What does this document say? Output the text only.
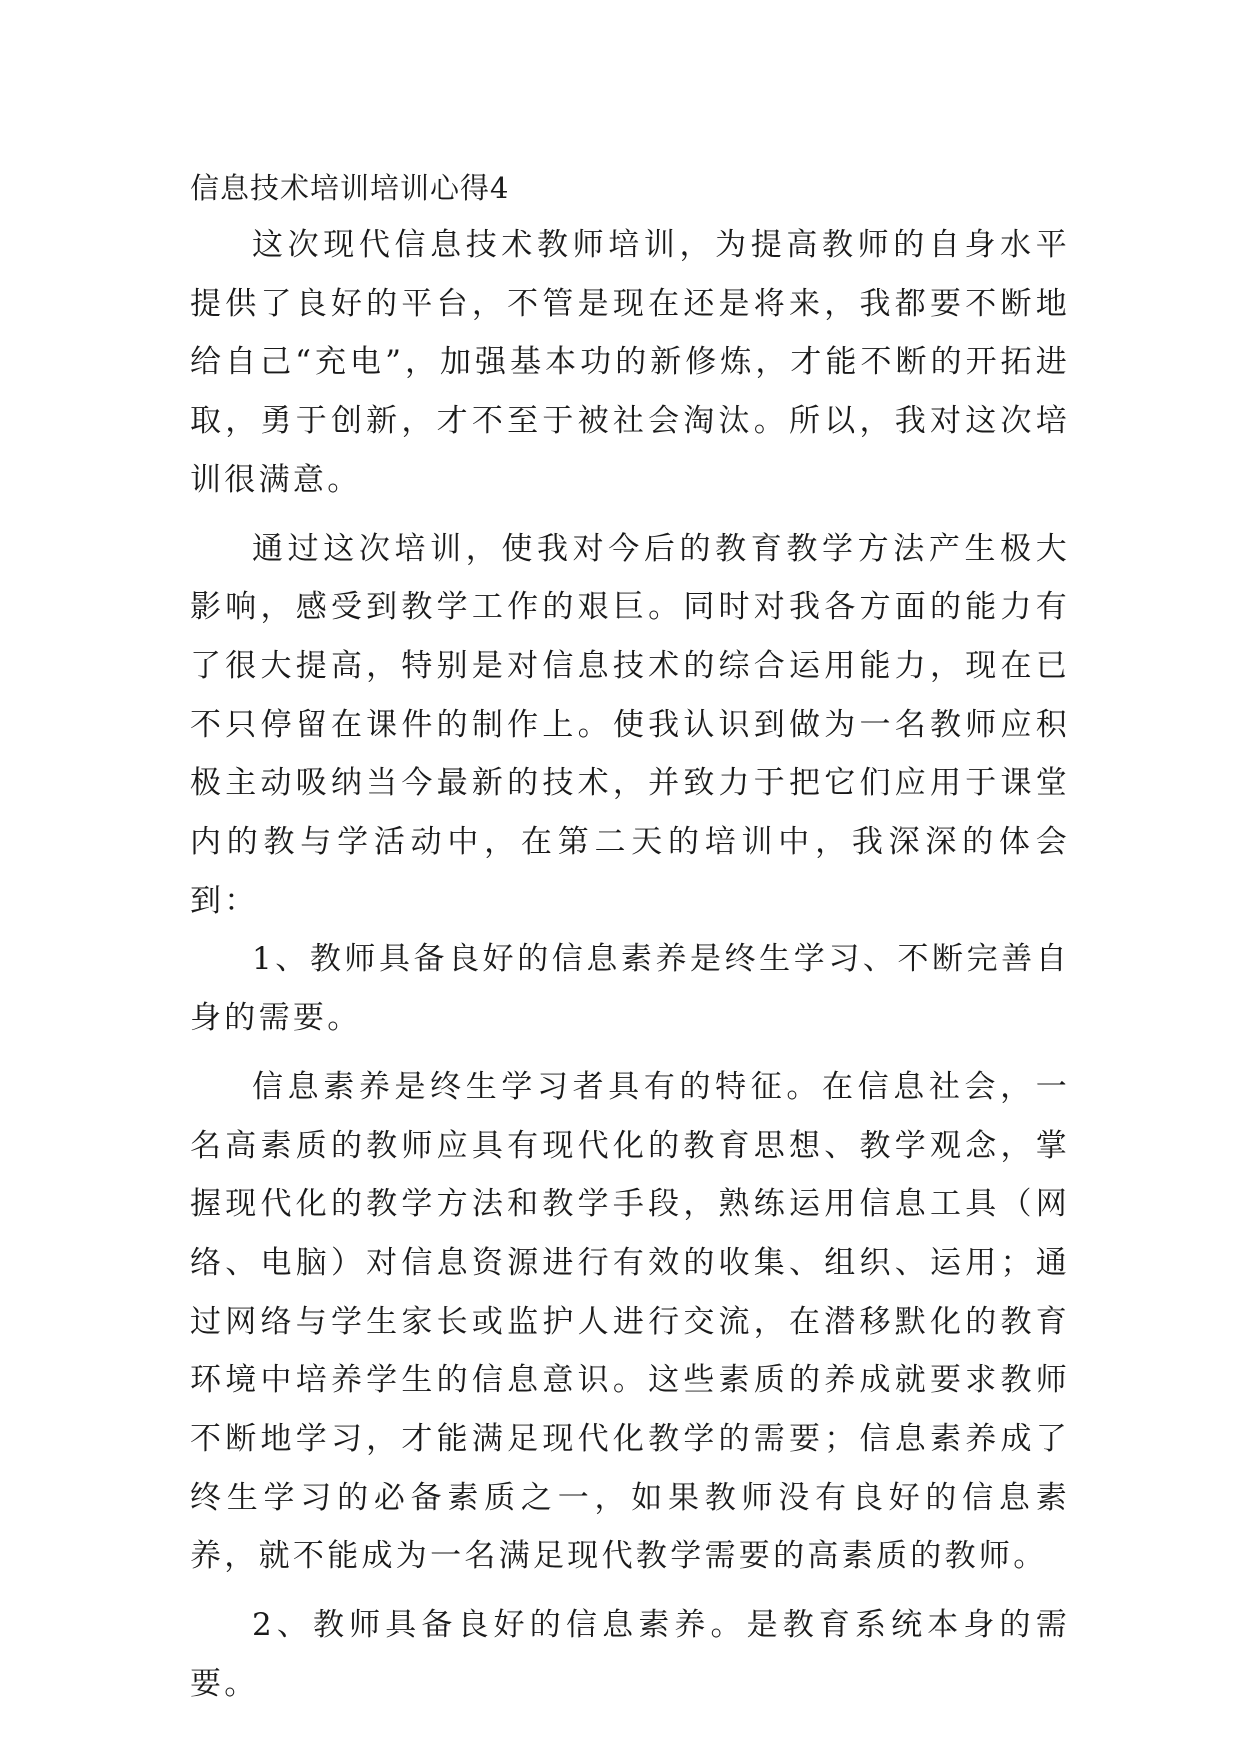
信息技术培训培训心得4

这次现代信息技术教师培训，为提高教师的自身水平提供了良好的平台，不管是现在还是将来，我都要不断地给自己“充电”，加强基本功的新修炼，才能不断的开拓进取，勇于创新，才不至于被社会淘汰。所以，我对这次培训很满意。

通过这次培训，使我对今后的教育教学方法产生极大影响，感受到教学工作的艰巨。同时对我各方面的能力有了很大提高，特别是对信息技术的综合运用能力，现在已不只停留在课件的制作上。使我认识到做为一名教师应积极主动吸纳当今最新的技术，并致力于把它们应用于课堂内的教与学活动中，在第二天的培训中，我深深的体会到：

1、教师具备良好的信息素养是终生学习、不断完善自身的需要。

信息素养是终生学习者具有的特征。在信息社会，一名高素质的教师应具有现代化的教育思想、教学观念，掌握现代化的教学方法和教学手段，熟练运用信息工具（网络、电脑）对信息资源进行有效的收集、组织、运用；通过网络与学生家长或监护人进行交流，在潜移默化的教育环境中培养学生的信息意识。这些素质的养成就要求教师不断地学习，才能满足现代化教学的需要；信息素养成了终生学习的必备素质之一，如果教师没有良好的信息素养，就不能成为一名满足现代教学需要的高素质的教师。

2、教师具备良好的信息素养。是教育系统本身的需要。
